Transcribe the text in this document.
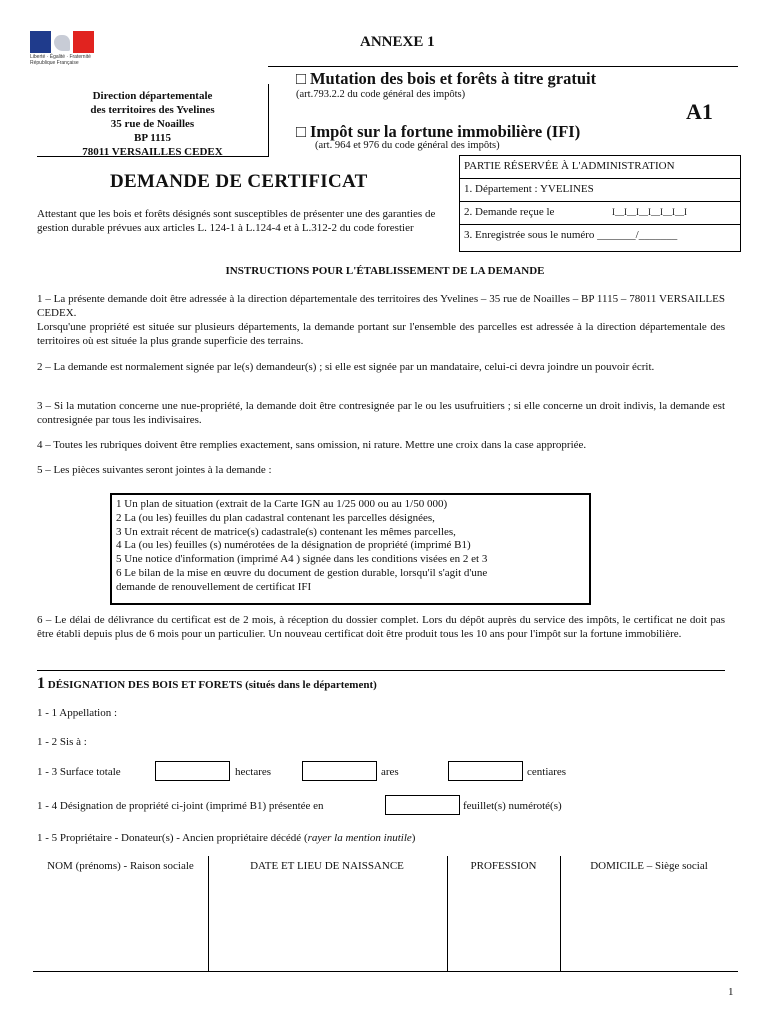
Liberté · Égalité · Fraternité
République Française
ANNEXE 1
Direction départementale
des territoires des Yvelines
35 rue de Noailles
BP 1115
78011 VERSAILLES CEDEX
□ Mutation des bois et forêts à titre gratuit
(art.793.2.2 du code général des impôts)
□ Impôt sur la fortune immobilière (IFI)
(art. 964 et 976 du code général des impôts)
A1
PARTIE RÉSERVÉE À L'ADMINISTRATION
1. Département : YVELINES
2. Demande reçue le	I__I__I__I__I__I__I
3. Enregistrée sous le numéro _______/_______
DEMANDE DE CERTIFICAT
Attestant que les bois et forêts désignés sont susceptibles de présenter une des garanties de gestion durable prévues aux articles L. 124-1 à L.124-4 et à L.312-2 du code forestier
INSTRUCTIONS POUR L'ÉTABLISSEMENT DE LA DEMANDE
1 – La présente demande doit être adressée à la direction départementale des territoires des Yvelines – 35 rue de Noailles – BP 1115 – 78011 VERSAILLES CEDEX.
Lorsqu'une propriété est située sur plusieurs départements, la demande portant sur l'ensemble des parcelles est adressée à la direction départementale des territoires où est située la plus grande superficie des terrains.
2 – La demande est normalement signée par le(s) demandeur(s) ; si elle est signée par un mandataire, celui-ci devra joindre un pouvoir écrit.
3 – Si la mutation concerne une nue-propriété, la demande doit être contresignée par le ou les usufruitiers ; si elle concerne un droit indivis, la demande est contresignée par tous les indivisaires.
4 – Toutes les rubriques doivent être remplies exactement, sans omission, ni rature. Mettre une croix dans la case appropriée.
5 – Les pièces suivantes seront jointes à la demande :
1 Un plan de situation (extrait de la Carte IGN au 1/25 000 ou au 1/50 000)
2 La (ou les) feuilles du plan cadastral contenant les parcelles désignées,
3 Un extrait récent de matrice(s) cadastrale(s) contenant les mêmes parcelles,
4 La (ou les) feuilles (s) numérotées de la désignation de propriété (imprimé B1)
5 Une notice d'information (imprimé A4 ) signée dans les conditions visées en 2 et 3
6 Le bilan de la mise en œuvre du document de gestion durable, lorsqu'il s'agit d'une
demande de renouvellement de certificat IFI
6 – Le délai de délivrance du certificat est de 2 mois, à réception du dossier complet. Lors du dépôt auprès du service des impôts, le certificat ne doit pas être établi depuis plus de 6 mois pour un particulier. Un nouveau certificat doit être produit tous les 10 ans pour l'impôt sur la fortune immobilière.
1 DÉSIGNATION DES BOIS ET FORETS (situés dans le département)
1 - 1 Appellation :
1 - 2 Sis à :
1 - 3 Surface totale	hectares	ares	centiares
1 - 4 Désignation de propriété ci-joint (imprimé B1) présentée en	feuillet(s) numéroté(s)
1 - 5 Propriétaire - Donateur(s) - Ancien propriétaire décédé (rayer la mention inutile)
NOM (prénoms) - Raison sociale	DATE ET LIEU DE NAISSANCE	PROFESSION	DOMICILE – Siège social
1
